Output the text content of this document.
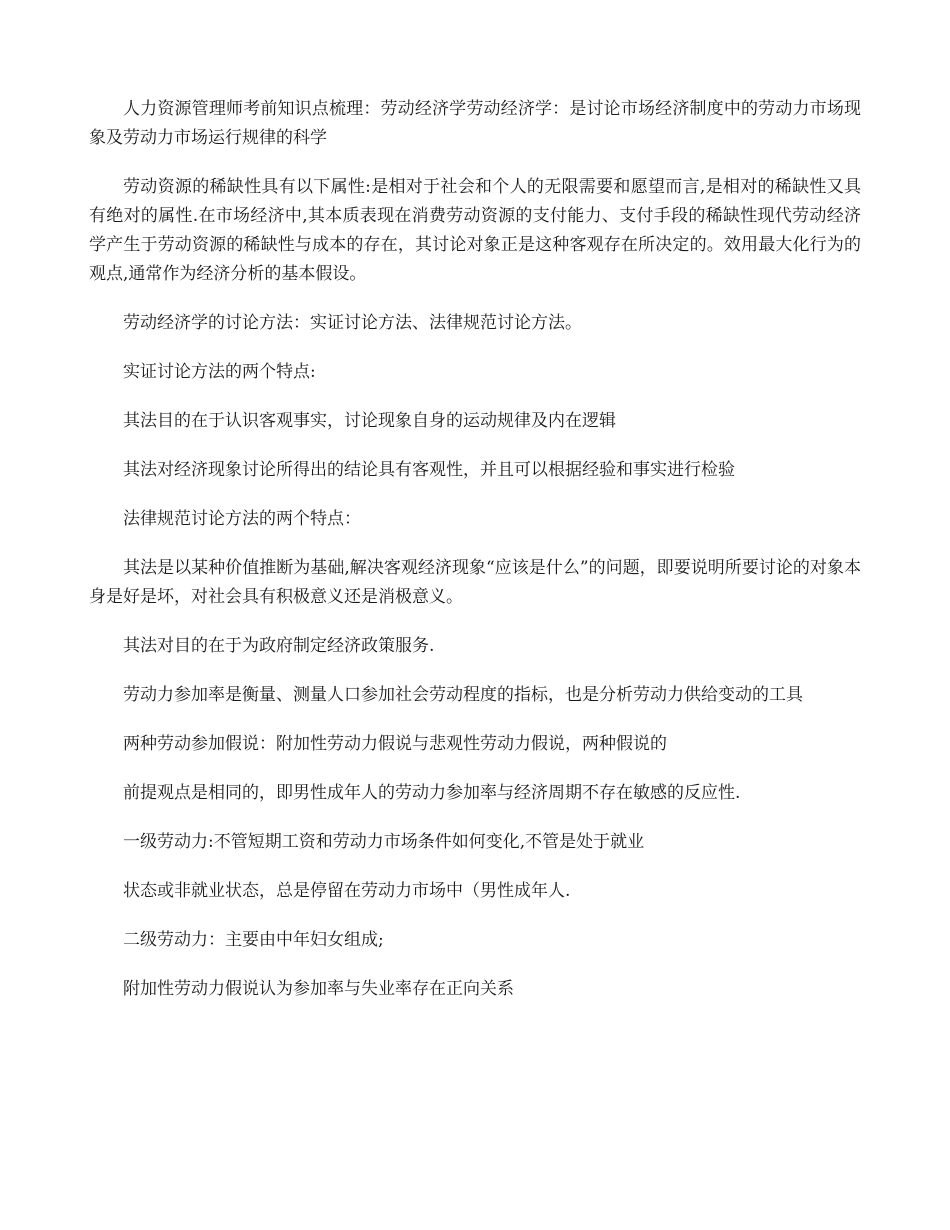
人力资源管理师考前知识点梳理：劳动经济学劳动经济学：是讨论市场经济制度中的劳动力市场现象及劳动力市场运行规律的科学

劳动资源的稀缺性具有以下属性:是相对于社会和个人的无限需要和愿望而言,是相对的稀缺性又具有绝对的属性.在市场经济中,其本质表现在消费劳动资源的支付能力、支付手段的稀缺性现代劳动经济学产生于劳动资源的稀缺性与成本的存在，其讨论对象正是这种客观存在所决定的。效用最大化行为的观点,通常作为经济分析的基本假设。

劳动经济学的讨论方法：实证讨论方法、法律规范讨论方法。

实证讨论方法的两个特点:

其法目的在于认识客观事实，讨论现象自身的运动规律及内在逻辑

其法对经济现象讨论所得出的结论具有客观性，并且可以根据经验和事实进行检验

法律规范讨论方法的两个特点：

其法是以某种价值推断为基础,解决客观经济现象“应该是什么”的问题，即要说明所要讨论的对象本身是好是坏，对社会具有积极意义还是消极意义。

其法对目的在于为政府制定经济政策服务.

劳动力参加率是衡量、测量人口参加社会劳动程度的指标，也是分析劳动力供给变动的工具

两种劳动参加假说：附加性劳动力假说与悲观性劳动力假说，两种假说的

前提观点是相同的，即男性成年人的劳动力参加率与经济周期不存在敏感的反应性.

一级劳动力:不管短期工资和劳动力市场条件如何变化,不管是处于就业

状态或非就业状态，总是停留在劳动力市场中（男性成年人.

二级劳动力：主要由中年妇女组成;

附加性劳动力假说认为参加率与失业率存在正向关系
